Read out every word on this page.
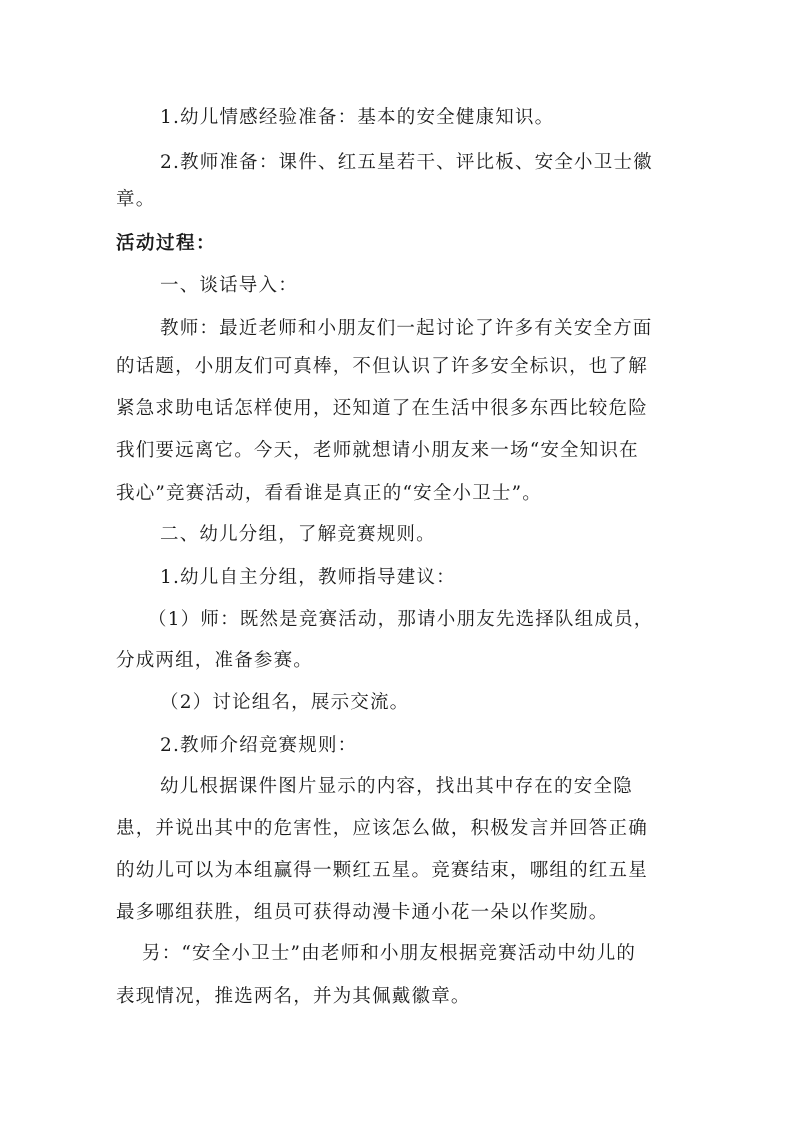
1.幼儿情感经验准备：基本的安全健康知识。
2.教师准备：课件、红五星若干、评比板、安全小卫士徽
章。
活动过程：
一、谈话导入：
教师：最近老师和小朋友们一起讨论了许多有关安全方面
的话题，小朋友们可真棒，不但认识了许多安全标识，也了解
紧急求助电话怎样使用，还知道了在生活中很多东西比较危险
我们要远离它。今天，老师就想请小朋友来一场“安全知识在
我心”竞赛活动，看看谁是真正的“安全小卫士”。
二、幼儿分组，了解竞赛规则。
1.幼儿自主分组，教师指导建议：
（1）师：既然是竞赛活动，那请小朋友先选择队组成员，
分成两组，准备参赛。
（2）讨论组名，展示交流。
2.教师介绍竞赛规则：
幼儿根据课件图片显示的内容，找出其中存在的安全隐
患，并说出其中的危害性，应该怎么做，积极发言并回答正确
的幼儿可以为本组赢得一颗红五星。竞赛结束，哪组的红五星
最多哪组获胜，组员可获得动漫卡通小花一朵以作奖励。
另：“安全小卫士”由老师和小朋友根据竞赛活动中幼儿的
表现情况，推选两名，并为其佩戴徽章。
